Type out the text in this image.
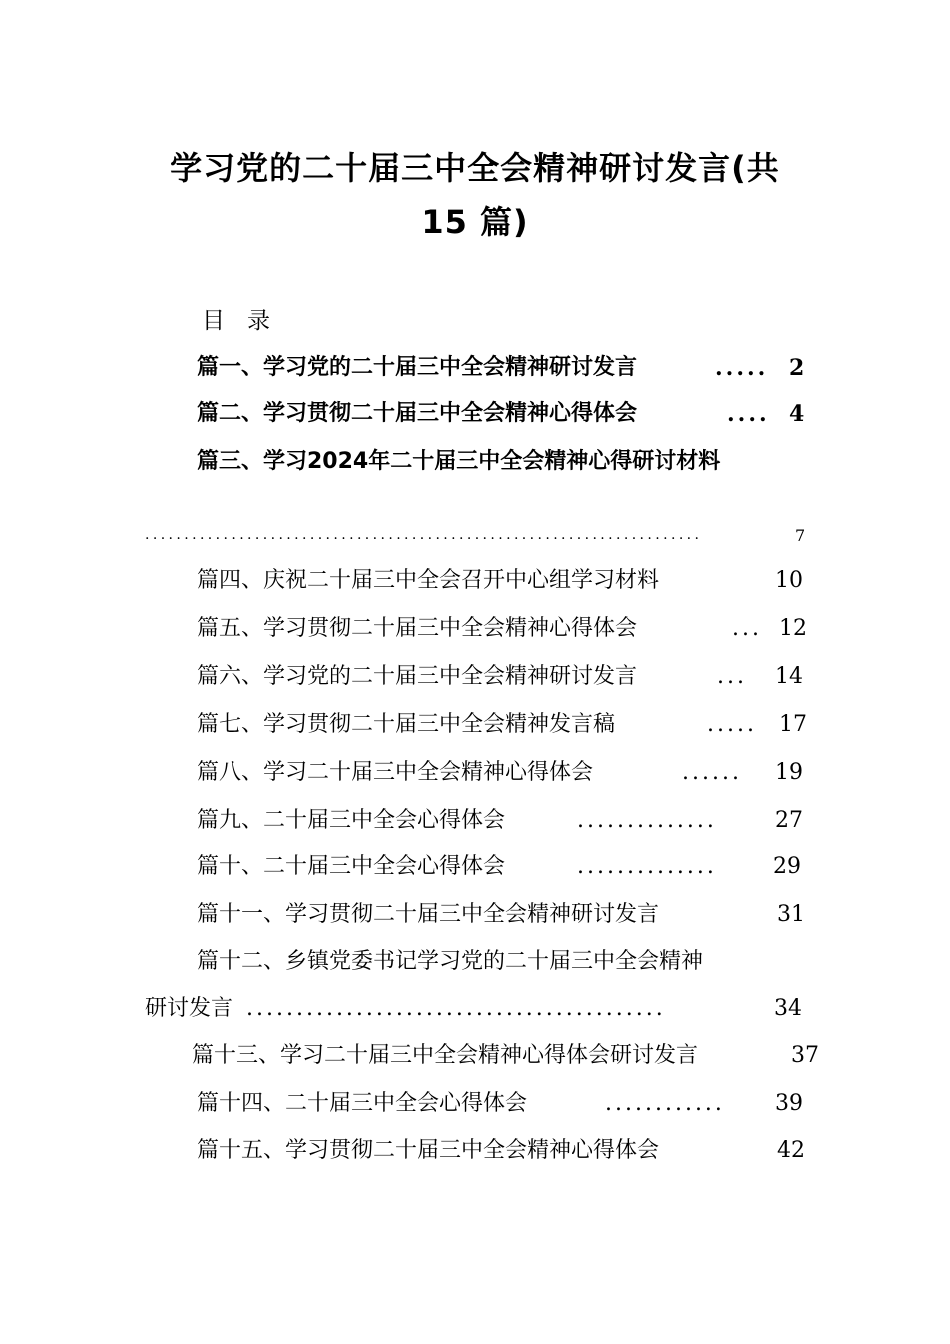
学习党的二十届三中全会精神研讨发言(共
15 篇)
目 录
篇一、学习党的二十届三中全会精神研讨发言	..... 2
篇二、学习贯彻二十届三中全会精神心得体会	.... 4
篇三、学习2024年二十届三中全会精神心得研讨材料
.......................................................................	7
篇四、庆祝二十届三中全会召开中心组学习材料	10
篇五、学习贯彻二十届三中全会精神心得体会	... 12
篇六、学习党的二十届三中全会精神研讨发言	... 14
篇七、学习贯彻二十届三中全会精神发言稿	..... 17
篇八、学习二十届三中全会精神心得体会	...... 19
篇九、二十届三中全会心得体会	..............	27
篇十、二十届三中全会心得体会	..............	29
篇十一、学习贯彻二十届三中全会精神研讨发言	31
篇十二、乡镇党委书记学习党的二十届三中全会精神
研讨发言 ..........................................	34
篇十三、学习二十届三中全会精神心得体会研讨发言	37
篇十四、二十届三中全会心得体会	............ 39
篇十五、学习贯彻二十届三中全会精神心得体会	42
